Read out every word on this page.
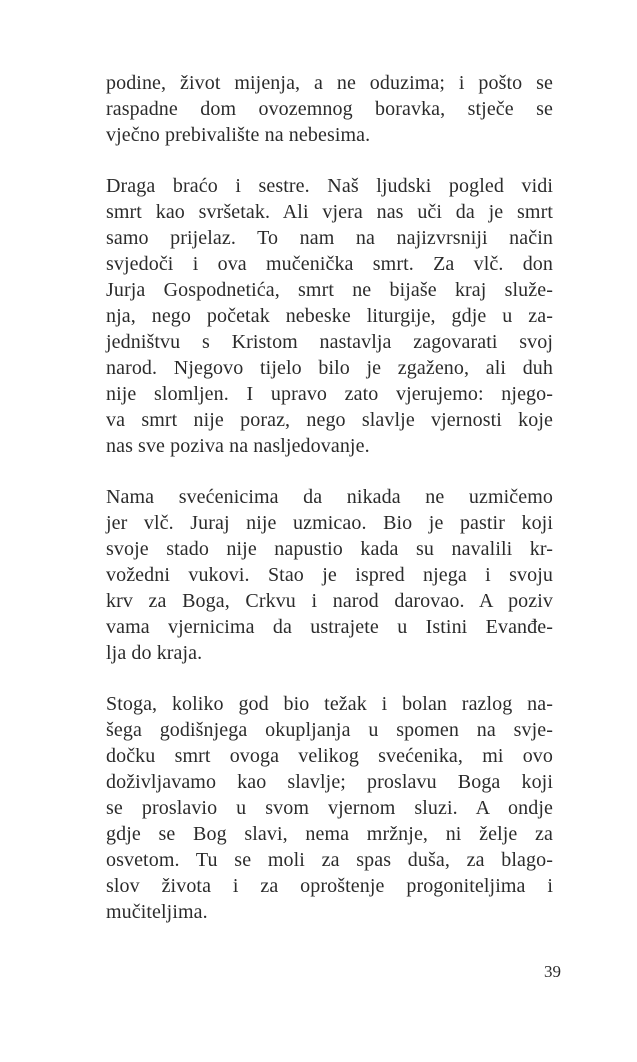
podine, život mijenja, a ne oduzima; i pošto se
raspadne dom ovozemnog boravka, stječe se
vječno prebivalište na nebesima.
Draga braćo i sestre. Naš ljudski pogled vidi
smrt kao svršetak. Ali vjera nas uči da je smrt
samo prijelaz. To nam na najizvrsniji način
svjedoči i ova mučenička smrt. Za vlč. don
Jurja Gospodnetića, smrt ne bijaše kraj služe-
nja, nego početak nebeske liturgije, gdje u za-
jedništvu s Kristom nastavlja zagovarati svoj
narod. Njegovo tijelo bilo je zgaženo, ali duh
nije slomljen. I upravo zato vjerujemo: njego-
va smrt nije poraz, nego slavlje vjernosti koje
nas sve poziva na nasljedovanje.
Nama svećenicima da nikada ne uzmičemo
jer vlč. Juraj nije uzmicao. Bio je pastir koji
svoje stado nije napustio kada su navalili kr-
vožedni vukovi. Stao je ispred njega i svoju
krv za Boga, Crkvu i narod darovao. A poziv
vama vjernicima da ustrajete u Istini Evanđe-
lja do kraja.
Stoga, koliko god bio težak i bolan razlog na-
šega godišnjega okupljanja u spomen na svje-
dočku smrt ovoga velikog svećenika, mi ovo
doživljavamo kao slavlje; proslavu Boga koji
se proslavio u svom vjernom sluzi. A ondje
gdje se Bog slavi, nema mržnje, ni želje za
osvetom. Tu se moli za spas duša, za blago-
slov života i za oproštenje progoniteljima i
mučiteljima.
39
